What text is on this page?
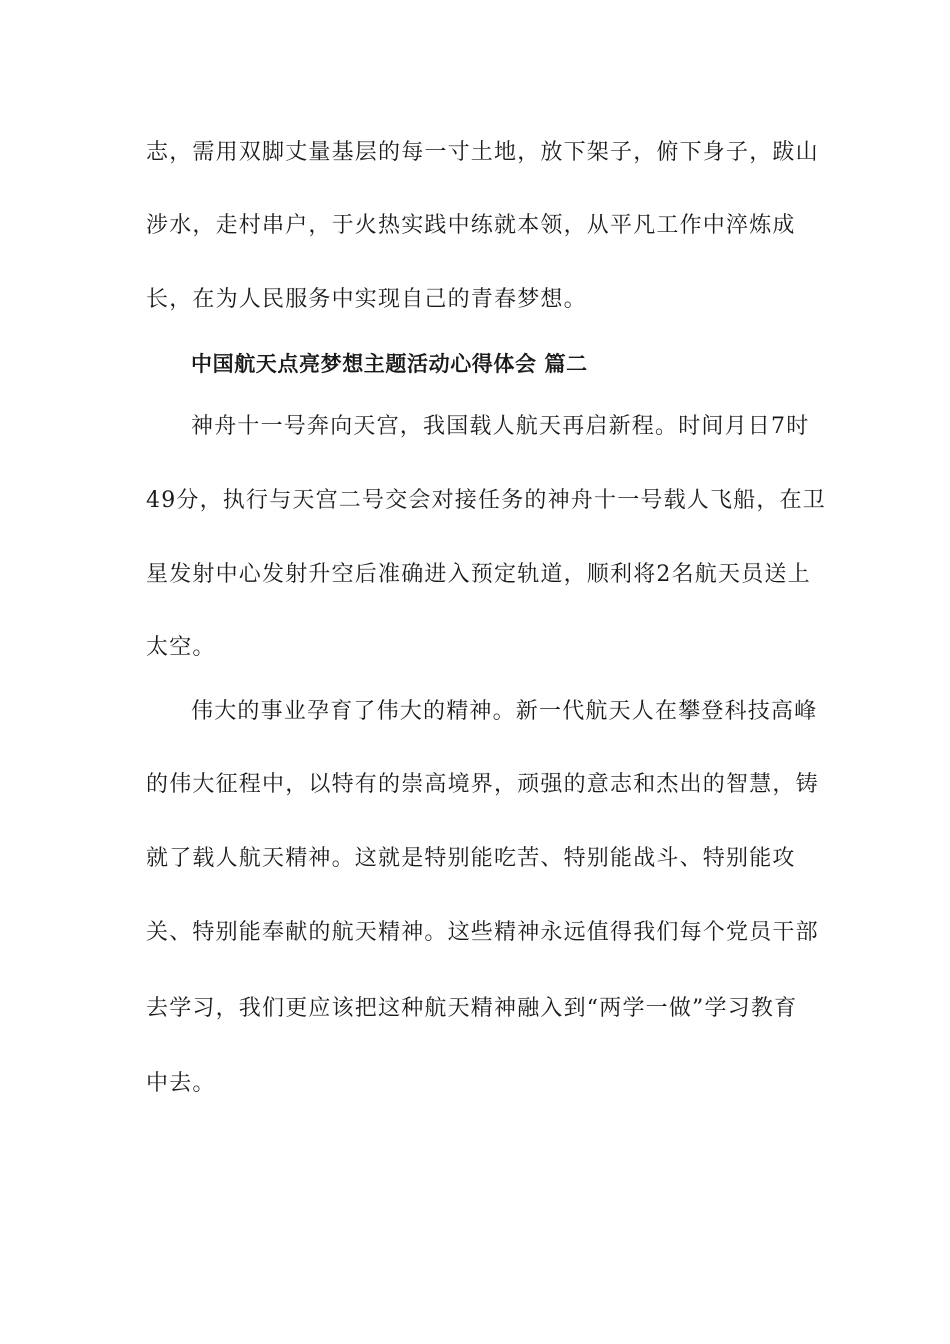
志，需用双脚丈量基层的每一寸土地，放下架子，俯下身子，跋山
涉水，走村串户，于火热实践中练就本领，从平凡工作中淬炼成
长，在为人民服务中实现自己的青春梦想。
中国航天点亮梦想主题活动心得体会 篇二
神舟十一号奔向天宫，我国载人航天再启新程。时间月日7时
49分，执行与天宫二号交会对接任务的神舟十一号载人飞船，在卫
星发射中心发射升空后准确进入预定轨道，顺利将2名航天员送上
太空。
伟大的事业孕育了伟大的精神。新一代航天人在攀登科技高峰
的伟大征程中，以特有的崇高境界，顽强的意志和杰出的智慧，铸
就了载人航天精神。这就是特别能吃苦、特别能战斗、特别能攻
关、特别能奉献的航天精神。这些精神永远值得我们每个党员干部
去学习，我们更应该把这种航天精神融入到“两学一做”学习教育
中去。
